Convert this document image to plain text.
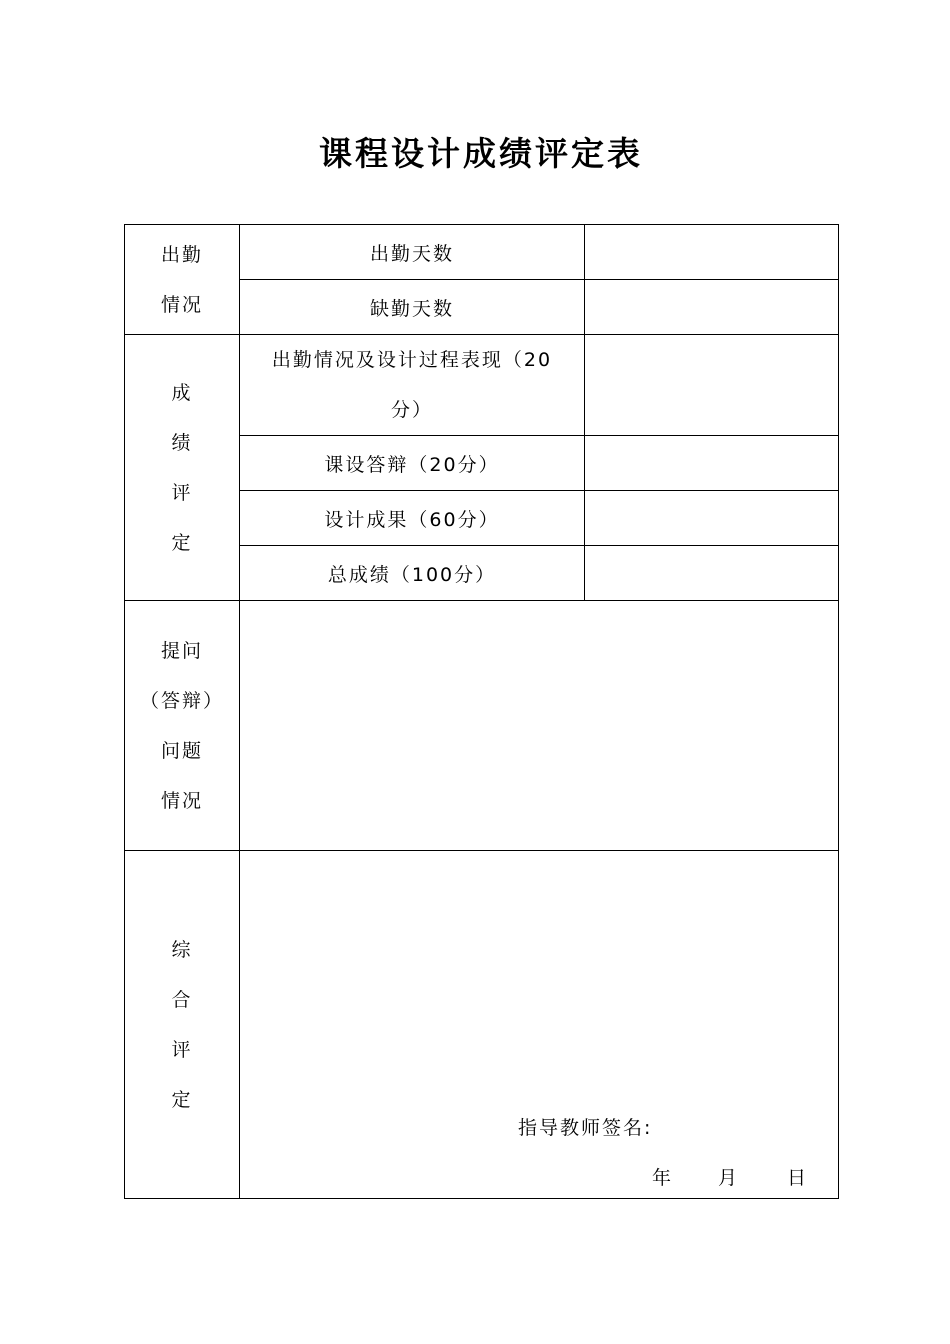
课程设计成绩评定表
出勤
情况
出勤天数
缺勤天数
成
绩
评
定
出勤情况及设计过程表现（20
分）
课设答辩（20分）
设计成果（60分）
总成绩（100分）
提问
（答辩）
问题
情况
综
合
评
定
指导教师签名:
年 月	日
